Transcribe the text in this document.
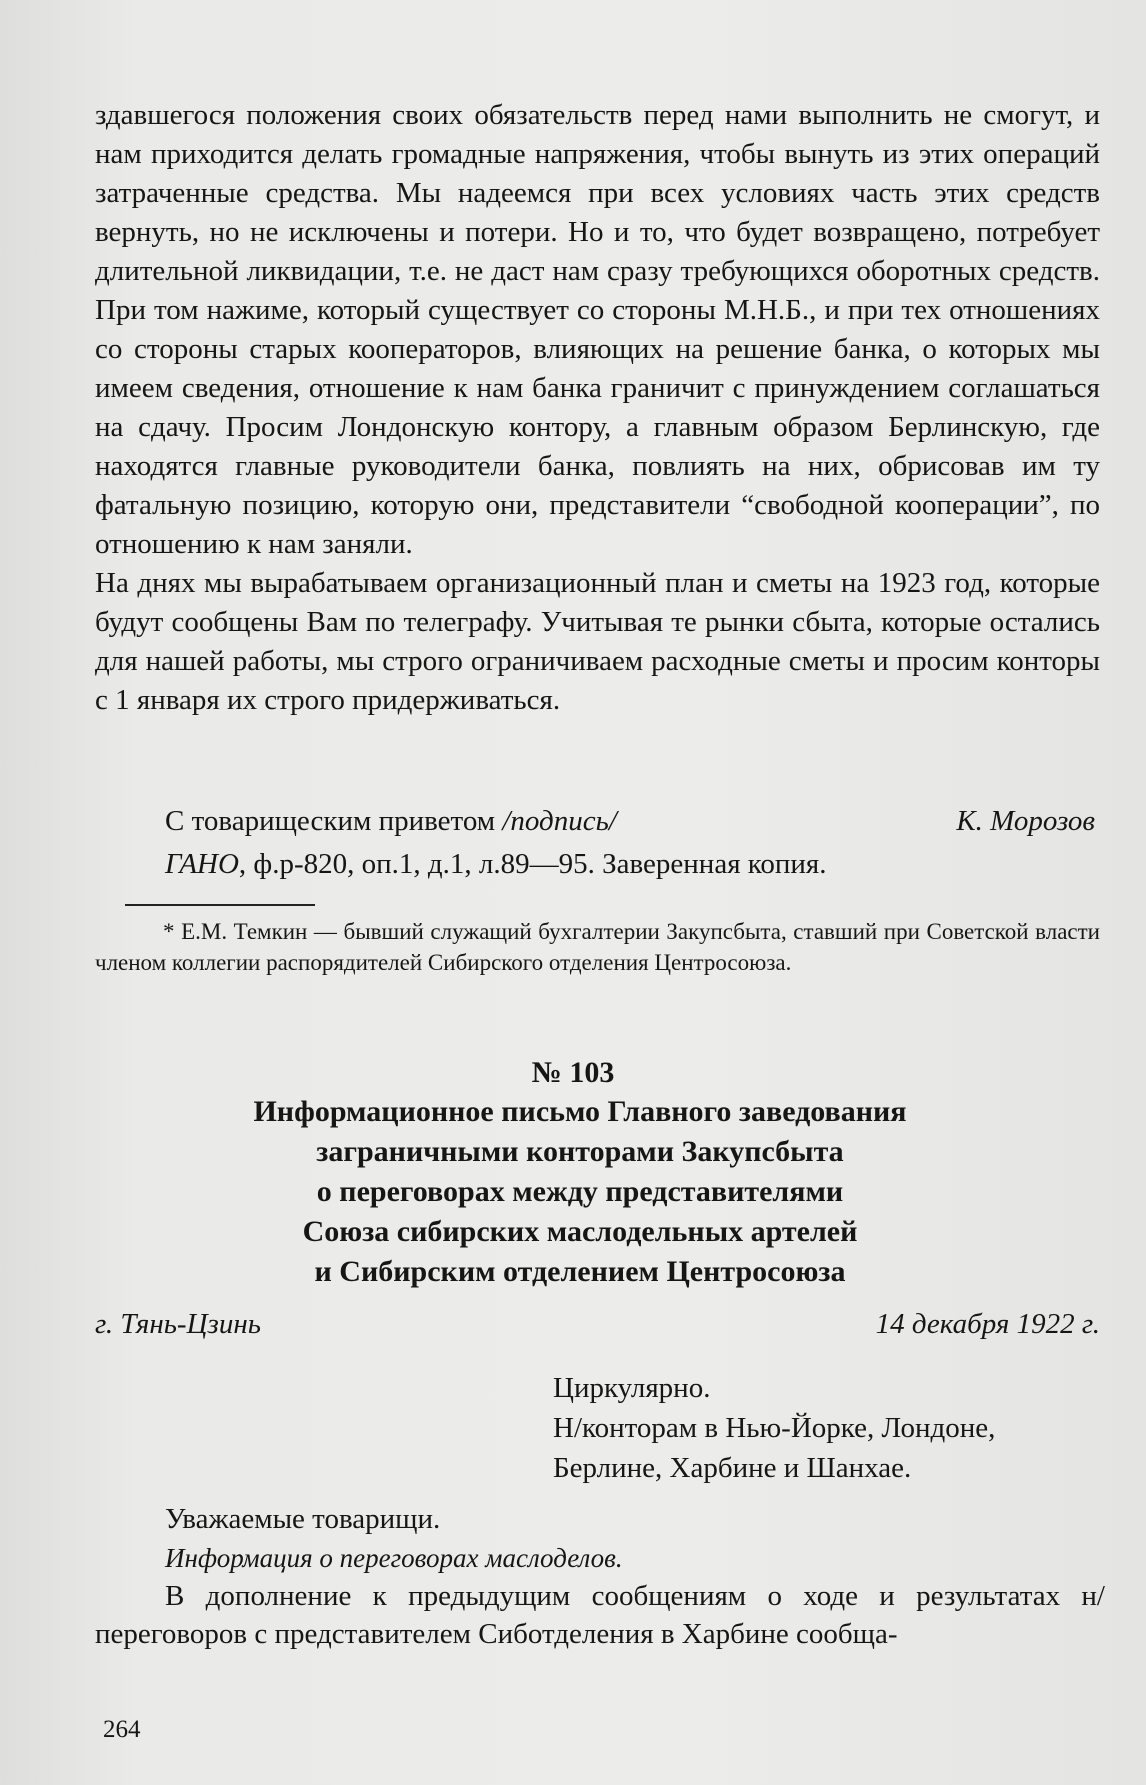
здавшегося положения своих обязательств перед нами выполнить не смогут, и нам приходится делать громадные напряжения, чтобы вынуть из этих операций затраченные средства. Мы надеемся при всех условиях часть этих средств вернуть, но не исключены и потери. Но и то, что будет возвращено, потребует длительной ликвидации, т.е. не даст нам сразу требующихся оборотных средств. При том нажиме, который существует со стороны М.Н.Б., и при тех отношениях со стороны старых кооператоров, влияющих на решение банка, о которых мы имеем сведения, отношение к нам банка граничит с принуждением соглашаться на сдачу. Просим Лондонскую контору, а главным образом Берлинскую, где находятся главные руководители банка, повлиять на них, обрисовав им ту фатальную позицию, которую они, представители “свободной кооперации”, по отношению к нам заняли.

На днях мы вырабатываем организационный план и сметы на 1923 год, которые будут сообщены Вам по телеграфу. Учитывая те рынки сбыта, которые остались для нашей работы, мы строго ограничиваем расходные сметы и просим конторы с 1 января их строго придерживаться.

С товарищеским приветом /подпись/	К. Морозов
ГАНО, ф.р-820, оп.1, д.1, л.89—95. Заверенная копия.

* Е.М. Темкин — бывший служащий бухгалтерии Закупсбыта, ставший при Советской власти членом коллегии распорядителей Сибирского отделения Центросоюза.

№ 103
Информационное письмо Главного заведования
заграничными конторами Закупсбыта
о переговорах между представителями
Союза сибирских маслодельных артелей
и Сибирским отделением Центросоюза
г. Тянь-Цзинь	14 декабря 1922 г.
Циркулярно.
Н/конторам в Нью-Йорке, Лондоне,
Берлине, Харбине и Шанхае.
Уважаемые товарищи.
Информация о переговорах маслоделов.

В дополнение к предыдущим сообщениям о ходе и результатах н/переговоров с представителем Сиботделения в Харбине сообща-

264
